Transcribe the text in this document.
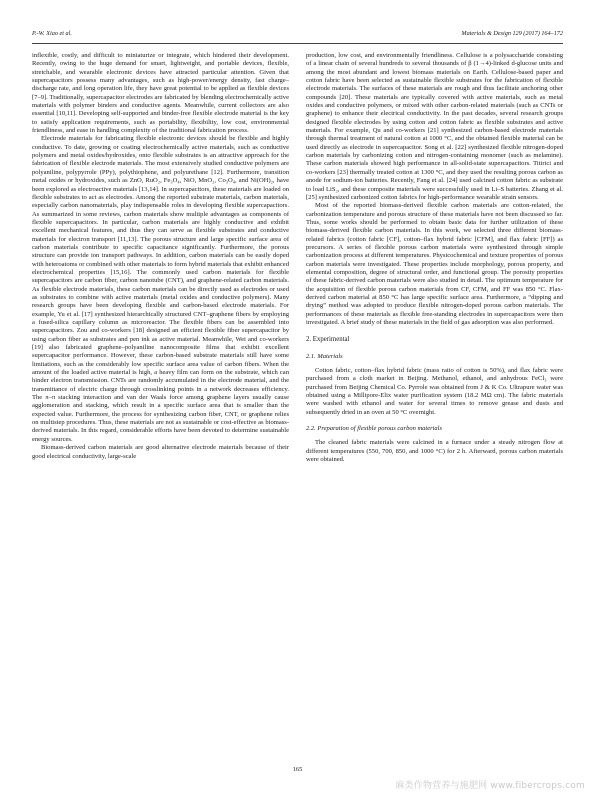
P.-W. Xiao et al.	Materials & Design 129 (2017) 164–172

inflexible, costly, and difficult to miniaturize or integrate, which hindered their development. Recently, owing to the huge demand for smart, lightweight, and portable devices, flexible, stretchable, and wearable electronic devices have attracted particular attention. Given that supercapacitors possess many advantages, such as high-power/energy density, fast charge–discharge rate, and long operation life, they have great potential to be applied as flexible devices [7–9]. Traditionally, supercapacitor electrodes are fabricated by blending electrochemically active materials with polymer binders and conductive agents. Meanwhile, current collectors are also essential [10,11]. Developing self-supported and binder-free flexible electrode material is the key to satisfy application requirements, such as portability, flexibility, low cost, environmental friendliness, and ease in handling complexity of the traditional fabrication process.

Electrode materials for fabricating flexible electronic devices should be flexible and highly conductive. To date, growing or coating electrochemically active materials, such as conductive polymers and metal oxides/hydroxides, onto flexible substrates is an attractive approach for the fabrication of flexible electrode materials. The most extensively studied conductive polymers are polyaniline, polypyrrole (PPy), polythiophene, and polyurethane [12]. Furthermore, transition metal oxides or hydroxides, such as ZnO, RuO₂, Fe₃O₄, NiO, MnO₂, Co₃O₄, and Ni(OH)₂, have been explored as electroactive materials [13,14]. In supercapacitors, these materials are loaded on flexible substrates to act as electrodes. Among the reported substrate materials, carbon materials, especially carbon nanomaterials, play indispensable roles in developing flexible supercapacitors. As summarized in some reviews, carbon materials show multiple advantages as components of flexible supercapacitors. In particular, carbon materials are highly conductive and exhibit excellent mechanical features, and thus they can serve as flexible substrates and conductive materials for electron transport [11,13]. The porous structure and large specific surface area of carbon materials contribute to specific capacitance significantly. Furthermore, the porous structure can provide ion transport pathways. In addition, carbon materials can be easily doped with heteroatoms or combined with other materials to form hybrid materials that exhibit enhanced electrochemical properties [15,16]. The commonly used carbon materials for flexible supercapacitors are carbon fiber, carbon nanotube (CNT), and graphene-related carbon materials. As flexible electrode materials, these carbon materials can be directly used as electrodes or used as substrates to combine with active materials (metal oxides and conductive polymers). Many research groups have been developing flexible and carbon-based electrode materials. For example, Yu et al. [17] synthesized hierarchically structured CNT–graphene fibers by employing a fused-silica capillary column as microreactor. The flexible fibers can be assembled into supercapacitors. Zou and co-workers [18] designed an efficient flexible fiber supercapacitor by using carbon fiber as substrates and pen ink as active material. Meanwhile, Wei and co-workers [19] also fabricated graphene–polyaniline nanocomposite films that exhibit excellent supercapacitor performance. However, these carbon-based substrate materials still have some limitations, such as the considerably low specific surface area value of carbon fibers. When the amount of the loaded active material is high, a heavy film can form on the substrate, which can hinder electron transmission. CNTs are randomly accumulated in the electrode material, and the transmittance of electric charge through crosslinking points in a network decreases efficiency. The π–π stacking interaction and van der Waals force among graphene layers usually cause agglomeration and stacking, which result in a specific surface area that is smaller than the expected value. Furthermore, the process for synthesizing carbon fiber, CNT, or graphene relies on multistep procedures. Thus, these materials are not as sustainable or cost-effective as biomass-derived materials. In this regard, considerable efforts have been devoted to determine sustainable energy sources.

Biomass-derived carbon materials are good alternative electrode materials because of their good electrical conductivity, large-scale

production, low cost, and environmentally friendliness. Cellulose is a polysaccharide consisting of a linear chain of several hundreds to several thousands of β (1→4)-linked d-glucose units and among the most abundant and lowest biomass materials on Earth. Cellulose-based paper and cotton fabric have been selected as sustainable flexible substrates for the fabrication of flexible electrode materials. The surfaces of these materials are rough and thus facilitate anchoring other compounds [20]. These materials are typically covered with active materials, such as metal oxides and conductive polymers, or mixed with other carbon-related materials (such as CNTs or graphene) to enhance their electrical conductivity. In the past decades, several research groups designed flexible electrodes by using cotton and cotton fabric as flexible substrates and active materials. For example, Qu and co-workers [21] synthesized carbon-based electrode materials through thermal treatment of natural cotton at 1000 °C, and the obtained flexible material can be used directly as electrode in supercapacitor. Song et al. [22] synthesized flexible nitrogen-doped carbon materials by carbonizing cotton and nitrogen-containing monomer (such as melamine). These carbon materials showed high performance in all-solid-state supercapacitors. Titirici and co-workers [23] thermally treated cotton at 1300 °C, and they used the resulting porous carbon as anode for sodium-ion batteries. Recently, Fang et al. [24] used calcined cotton fabric as substrate to load LiS₂, and these composite materials were successfully used in Li–S batteries. Zhang et al. [25] synthesized carbonized cotton fabrics for high-performance wearable strain sensors.

Most of the reported biomass-derived flexible carbon materials are cotton-related, the carbonization temperature and porous structure of these materials have not been discussed so far. Thus, some works should be performed to obtain basic data for further utilization of these biomass-derived flexible carbon materials. In this work, we selected three different biomass-related fabrics (cotton fabric [CF], cotton–flax hybrid fabric [CFM], and flax fabric [FF]) as precursors. A series of flexible porous carbon materials were synthesized through simple carbonization process at different temperatures. Physicochemical and texture properties of porous carbon materials were investigated. These properties include morphology, porous property, and elemental composition, degree of structural order, and functional group. The porosity properties of these fabric-derived carbon materials were also studied in detail. The optimum temperature for the acquisition of flexible porous carbon materials from CF, CFM, and FF was 850 °C. Flax-derived carbon material at 850 °C has large specific surface area. Furthermore, a “dipping and drying” method was adopted to produce flexible nitrogen-doped porous carbon materials. The performances of these materials as flexible free-standing electrodes in supercapacitors were then investigated. A brief study of these materials in the field of gas adsorption was also performed.

2. Experimental
2.1. Materials

Cotton fabric, cotton–flax hybrid fabric (mass ratio of cotton is 50%), and flax fabric were purchased from a cloth market in Beijing. Methanol, ethanol, and anhydrous FeCl₃ were purchased from Beijing Chemical Co. Pyrrole was obtained from J & K Co. Ultrapure water was obtained using a Millipore-Elix water purification system (18.2 MΩ cm). The fabric materials were washed with ethanol and water for several times to remove grease and dusts and subsequently dried in an oven at 50 °C overnight.

2.2. Preparation of flexible porous carbon materials

The cleaned fabric materials were calcined in a furnace under a steady nitrogen flow at different temperatures (550, 700, 850, and 1000 °C) for 2 h. Afterward, porous carbon materials were obtained.

165
麻类作物营养与施肥网 www.fibercrops.com
